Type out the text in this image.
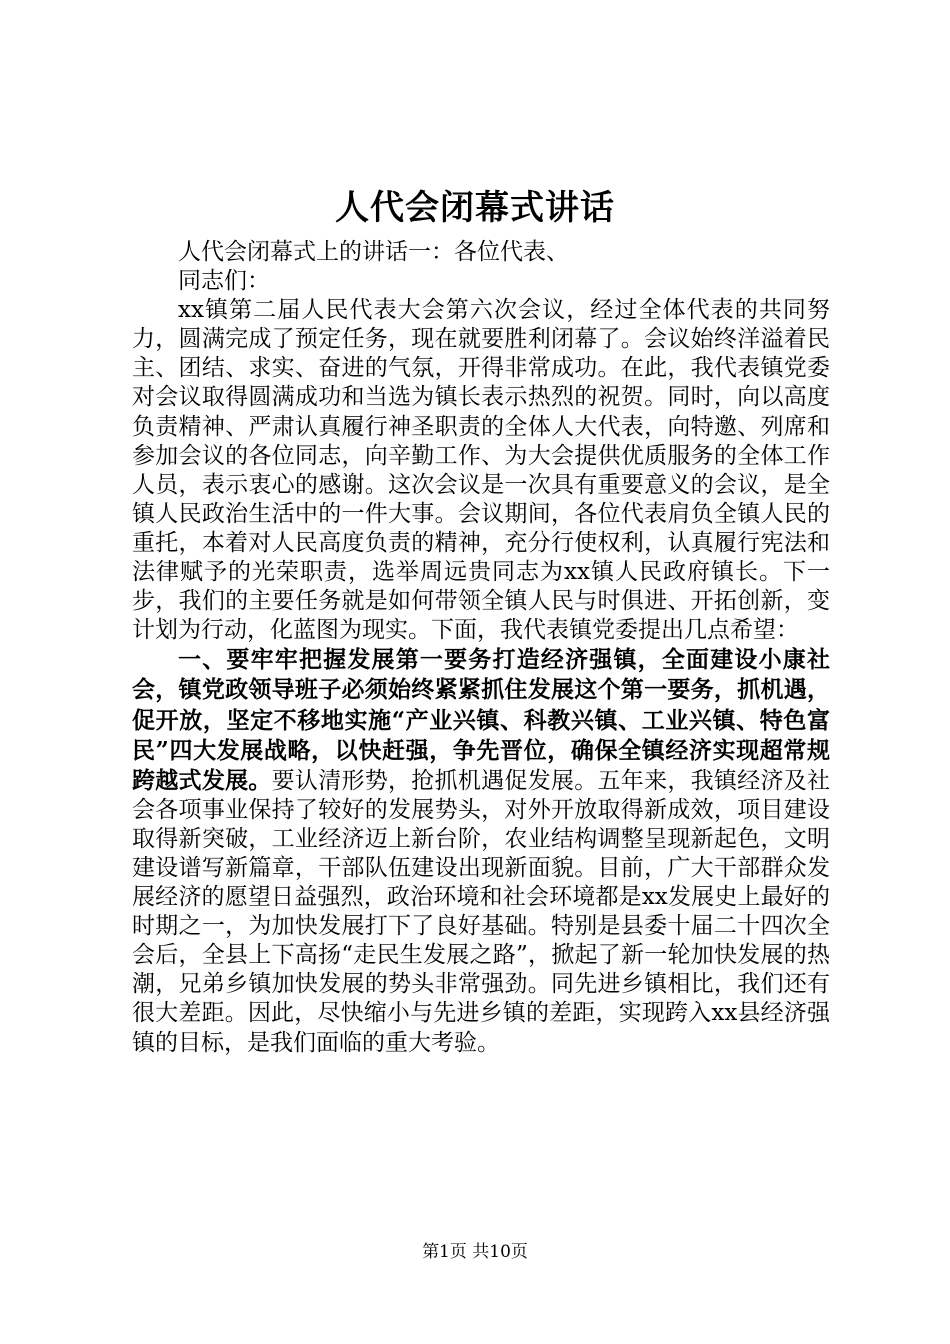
人代会闭幕式讲话

人代会闭幕式上的讲话一：各位代表、

同志们：

xx镇第二届人民代表大会第六次会议，经过全体代表的共同努力，圆满完成了预定任务，现在就要胜利闭幕了。会议始终洋溢着民主、团结、求实、奋进的气氛，开得非常成功。在此，我代表镇党委对会议取得圆满成功和当选为镇长表示热烈的祝贺。同时，向以高度负责精神、严肃认真履行神圣职责的全体人大代表，向特邀、列席和参加会议的各位同志，向辛勤工作、为大会提供优质服务的全体工作人员，表示衷心的感谢。这次会议是一次具有重要意义的会议，是全镇人民政治生活中的一件大事。会议期间，各位代表肩负全镇人民的重托，本着对人民高度负责的精神，充分行使权利，认真履行宪法和法律赋予的光荣职责，选举周远贵同志为xx镇人民政府镇长。下一步，我们的主要任务就是如何带领全镇人民与时俱进、开拓创新，变计划为行动，化蓝图为现实。下面，我代表镇党委提出几点希望：

一、要牢牢把握发展第一要务打造经济强镇，全面建设小康社会，镇党政领导班子必须始终紧紧抓住发展这个第一要务，抓机遇，促开放，坚定不移地实施“产业兴镇、科教兴镇、工业兴镇、特色富民”四大发展战略，以快赶强，争先晋位，确保全镇经济实现超常规跨越式发展。要认清形势，抢抓机遇促发展。五年来，我镇经济及社会各项事业保持了较好的发展势头，对外开放取得新成效，项目建设取得新突破，工业经济迈上新台阶，农业结构调整呈现新起色，文明建设谱写新篇章，干部队伍建设出现新面貌。目前，广大干部群众发展经济的愿望日益强烈，政治环境和社会环境都是xx发展史上最好的时期之一，为加快发展打下了良好基础。特别是县委十届二十四次全会后，全县上下高扬“走民生发展之路”，掀起了新一轮加快发展的热潮，兄弟乡镇加快发展的势头非常强劲。同先进乡镇相比，我们还有很大差距。因此，尽快缩小与先进乡镇的差距，实现跨入xx县经济强镇的目标，是我们面临的重大考验。

第1页 共10页
